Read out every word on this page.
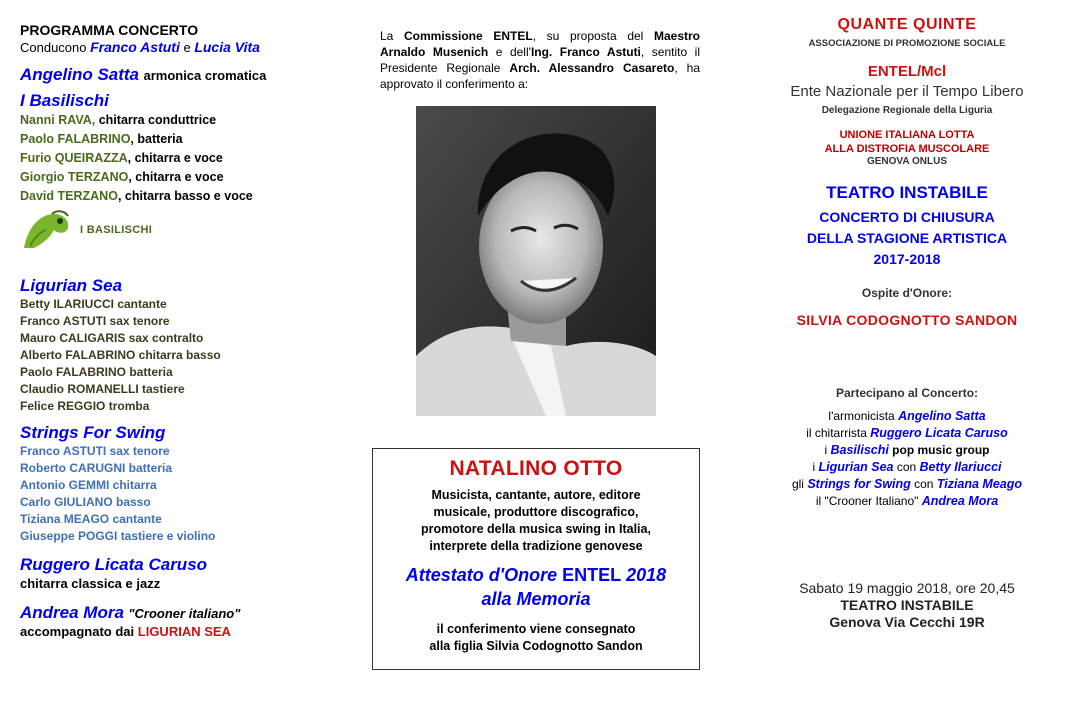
PROGRAMMA CONCERTO
Conducono Franco Astuti e Lucia Vita
Angelino Satta armonica cromatica
I Basilischi
Nanni RAVA, chitarra conduttrice
Paolo FALABRINO, batteria
Furio QUEIRAZZA, chitarra e voce
Giorgio TERZANO, chitarra e voce
David TERZANO, chitarra basso e voce
I BASILISCHI
Ligurian Sea
Betty ILARIUCCI cantante
Franco ASTUTI sax tenore
Mauro CALIGARIS sax contralto
Alberto FALABRINO chitarra basso
Paolo FALABRINO batteria
Claudio ROMANELLI tastiere
Felice REGGIO tromba
Strings For Swing
Franco ASTUTI sax tenore
Roberto CARUGNI batteria
Antonio GEMMI chitarra
Carlo GIULIANO basso
Tiziana MEAGO cantante
Giuseppe POGGI tastiere e violino
Ruggero Licata Caruso
chitarra classica e jazz
Andrea Mora "Crooner italiano"
accompagnato dai LIGURIAN SEA
La Commissione ENTEL, su proposta del Maestro Arnaldo Musenich e dell'Ing. Franco Astuti, sentito il Presidente Regionale Arch. Alessandro Casareto, ha approvato il conferimento a:
NATALINO OTTO
Musicista, cantante, autore, editore
musicale, produttore discografico,
promotore della musica swing in Italia,
interprete della tradizione genovese
Attestato d'Onore ENTEL 2018
alla Memoria
il conferimento viene consegnato
alla figlia Silvia Codognotto Sandon
QUANTE QUINTE
ASSOCIAZIONE DI PROMOZIONE SOCIALE
ENTEL/Mcl
Ente Nazionale per il Tempo Libero
Delegazione Regionale della Liguria
UNIONE ITALIANA LOTTA
ALLA DISTROFIA MUSCOLARE
GENOVA ONLUS
TEATRO INSTABILE
CONCERTO DI CHIUSURA
DELLA STAGIONE ARTISTICA
2017-2018
Ospite d'Onore:
SILVIA CODOGNOTTO SANDON
Partecipano al Concerto:
l'armonicista Angelino Satta
il chitarrista Ruggero Licata Caruso
i Basilischi pop music group
i Ligurian Sea con Betty Ilariucci
gli Strings for Swing con Tiziana Meago
il "Crooner Italiano" Andrea Mora
Sabato 19 maggio 2018, ore 20,45
TEATRO INSTABILE
Genova Via Cecchi 19R
